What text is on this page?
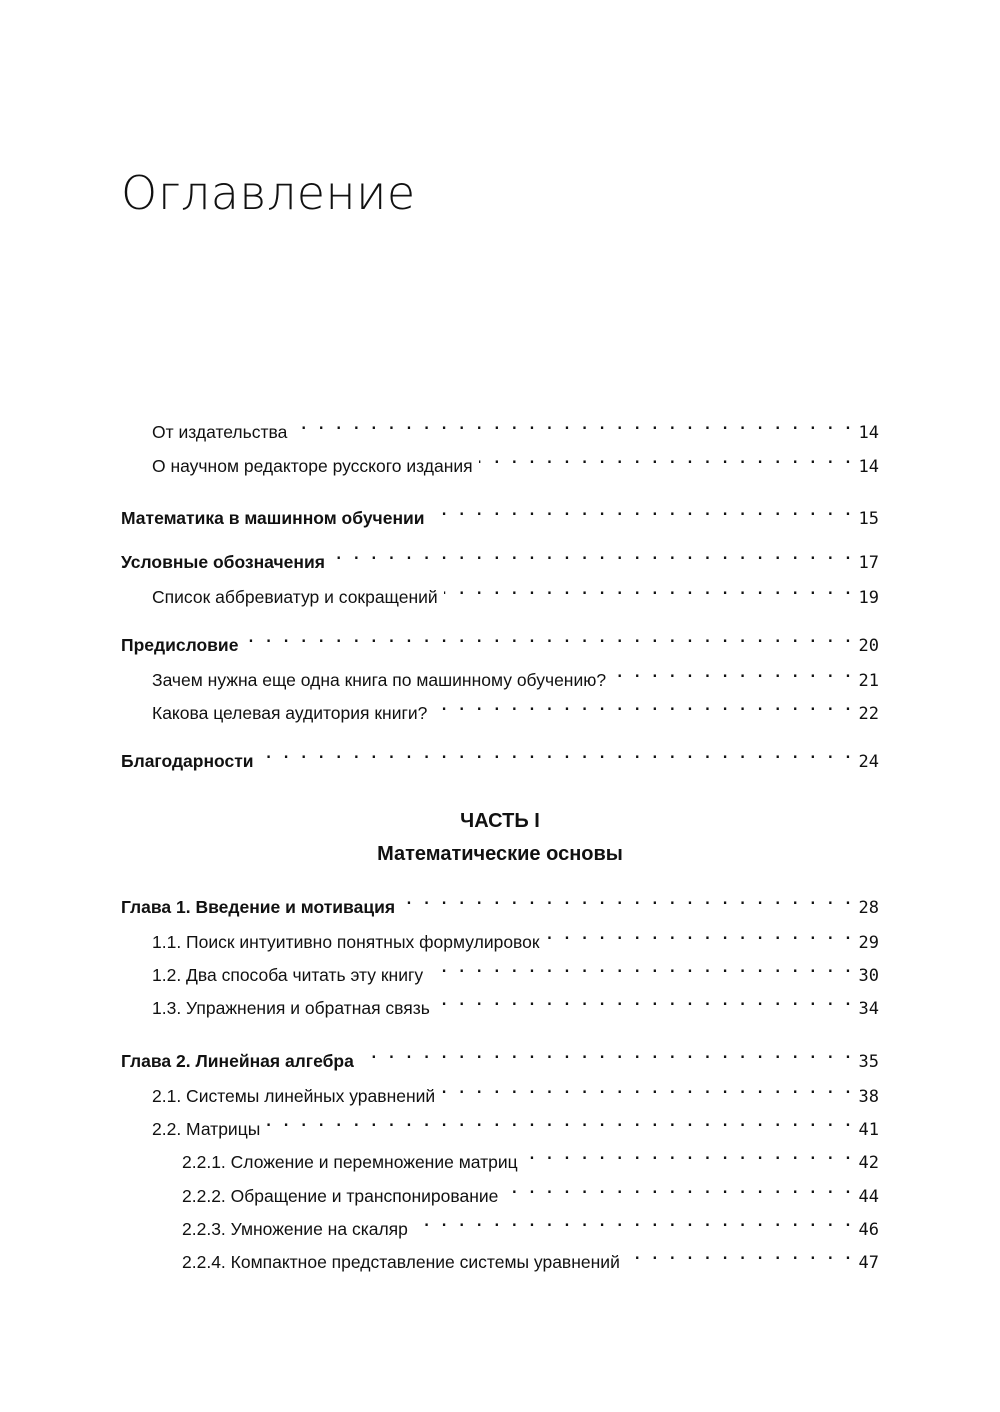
Оглавление
ЧАСТЬ I
Математические основы
От издательства . . .	14
О научном редакторе русского издания . . .	14
Математика в машинном обучении . . .	15
Условные обозначения . . .	17
Список аббревиатур и сокращений . . .	19
Предисловие . . .	20
Зачем нужна еще одна книга по машинному обучению? . . .	21
Какова целевая аудитория книги? . . .	22
Благодарности . . .	24
Глава 1. Введение и мотивация . . .	28
1.1. Поиск интуитивно понятных формулировок . . .	29
1.2. Два способа читать эту книгу . . .	30
1.3. Упражнения и обратная связь . . .	34
Глава 2. Линейная алгебра . . .	35
2.1. Системы линейных уравнений . . .	38
2.2. Матрицы . . .	41
2.2.1. Сложение и перемножение матриц . . .	42
2.2.2. Обращение и транспонирование . . .	44
2.2.3. Умножение на скаляр . . .	46
2.2.4. Компактное представление системы уравнений . . .	47
